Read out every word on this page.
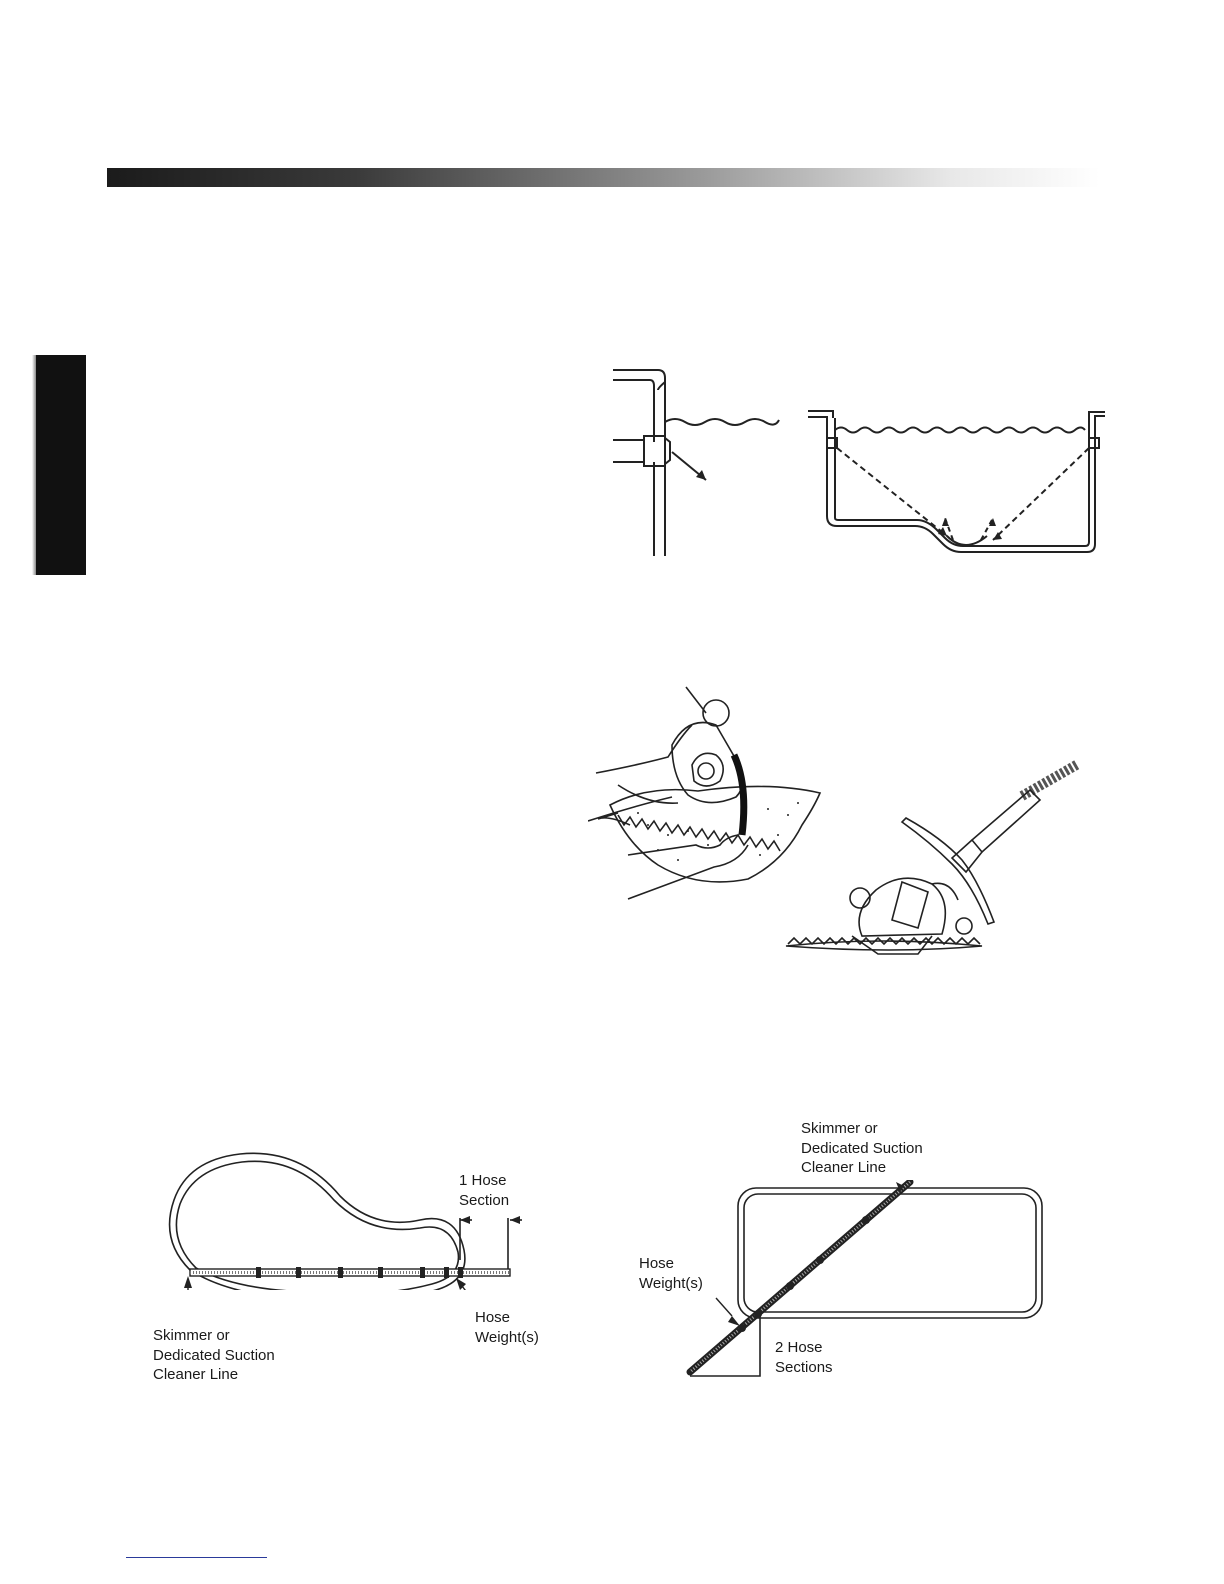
1 Hose
Section
Hose
Weight(s)
Skimmer or
Dedicated Suction
Cleaner Line
Skimmer or
Dedicated Suction
Cleaner Line
Hose
Weight(s)
2 Hose
Sections
